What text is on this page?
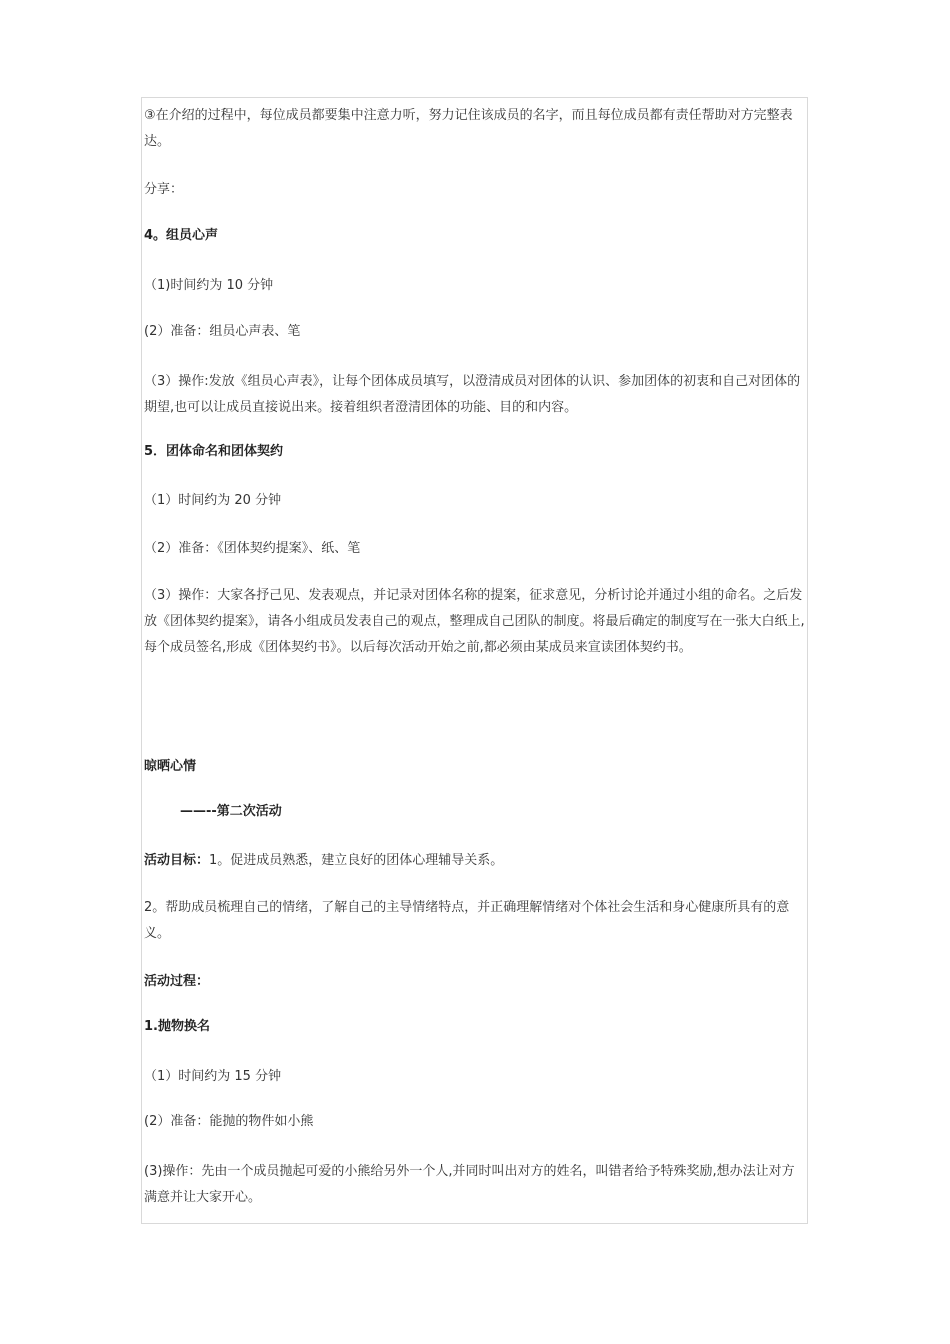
③在介绍的过程中，每位成员都要集中注意力听，努力记住该成员的名字，而且每位成员都有责任帮助对方完整表达。

分享：

4。组员心声

（1)时间约为 10 分钟

(2）准备：组员心声表、笔

（3）操作:发放《组员心声表》，让每个团体成员填写，以澄清成员对团体的认识、参加团体的初衷和自己对团体的期望,也可以让成员直接说出来。接着组织者澄清团体的功能、目的和内容。

5．团体命名和团体契约

（1）时间约为 20 分钟

（2）准备：《团体契约提案》、纸、笔

（3）操作：大家各抒己见、发表观点，并记录对团体名称的提案，征求意见，分析讨论并通过小组的命名。之后发放《团体契约提案》，请各小组成员发表自己的观点，整理成自己团队的制度。将最后确定的制度写在一张大白纸上,每个成员签名,形成《团体契约书》。以后每次活动开始之前,都必须由某成员来宣读团体契约书。

晾晒心情

——--第二次活动

活动目标：1。促进成员熟悉，建立良好的团体心理辅导关系。

2。帮助成员梳理自己的情绪，了解自己的主导情绪特点，并正确理解情绪对个体社会生活和身心健康所具有的意义。

活动过程：

1.抛物换名

（1）时间约为 15 分钟

(2）准备：能抛的物件如小熊

(3)操作：先由一个成员抛起可爱的小熊给另外一个人,并同时叫出对方的姓名，叫错者给予特殊奖励,想办法让对方满意并让大家开心。
